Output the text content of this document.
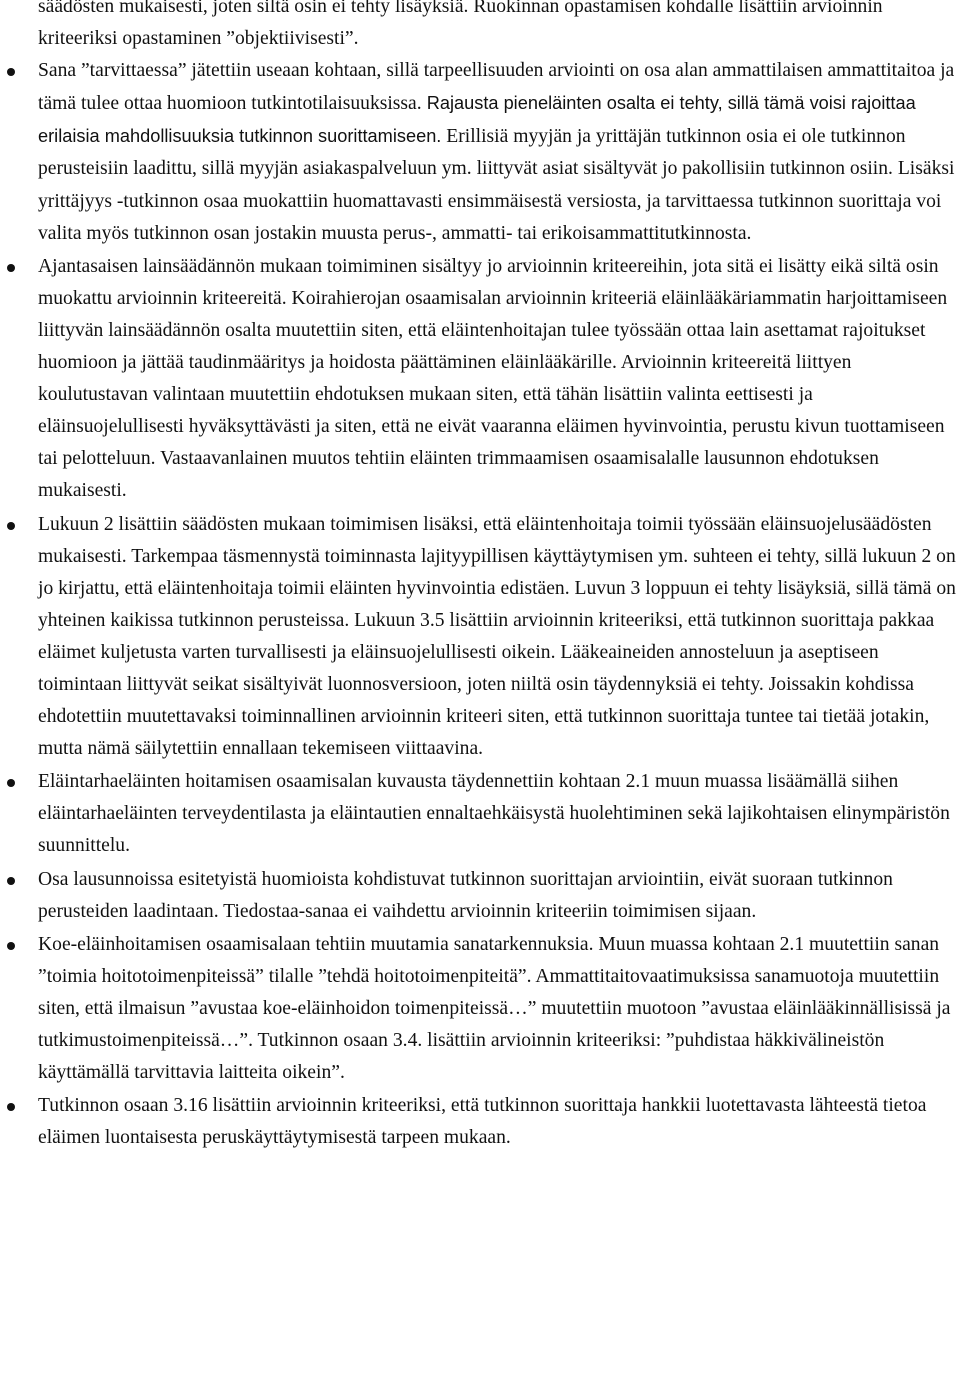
säädösten mukaisesti, joten siltä osin ei tehty lisäyksiä. Ruokinnan opastamisen kohdalle lisättiin arvioinnin kriteeriksi opastaminen ”objektiivisesti”.

Sana ”tarvittaessa” jätettiin useaan kohtaan, sillä tarpeellisuuden arviointi on osa alan ammattilaisen ammattitaitoa ja tämä tulee ottaa huomioon tutkintotilaisuuksissa. Rajausta pieneläinten osalta ei tehty, sillä tämä voisi rajoittaa erilaisia mahdollisuuksia tutkinnon suorittamiseen. Erillisiä myyjän ja yrittäjän tutkinnon osia ei ole tutkinnon perusteisiin laadittu, sillä myyjän asiakaspalveluun ym. liittyvät asiat sisältyvät jo pakollisiin tutkinnon osiin. Lisäksi yrittäjyys -tutkinnon osaa muokattiin huomattavasti ensimmäisestä versiosta, ja tarvittaessa tutkinnon suorittaja voi valita myös tutkinnon osan jostakin muusta perus-, ammatti- tai erikoisammattitutkinnosta.
Ajantasaisen lainsäädännön mukaan toimiminen sisältyy jo arvioinnin kriteereihin, jota sitä ei lisätty eikä siltä osin muokattu arvioinnin kriteereitä. Koirahierojan osaamisalan arvioinnin kriteeriä eläinlääkäriammatin harjoittamiseen liittyvän lainsäädännön osalta muutettiin siten, että eläintenhoitajan tulee työssään ottaa lain asettamat rajoitukset huomioon ja jättää taudinmääritys ja hoidosta päättäminen eläinlääkärille. Arvioinnin kriteereitä liittyen koulutustavan valintaan muutettiin ehdotuksen mukaan siten, että tähän lisättiin valinta eettisesti ja eläinsuojelullisesti hyväksyttävästi ja siten, että ne eivät vaaranna eläimen hyvinvointia, perustu kivun tuottamiseen tai pelotteluun. Vastaavanlainen muutos tehtiin eläinten trimmaamisen osaamisalalle lausunnon ehdotuksen mukaisesti.
Lukuun 2 lisättiin säädösten mukaan toimimisen lisäksi, että eläintenhoitaja toimii työssään eläinsuojelusäädösten mukaisesti. Tarkempaa täsmennystä toiminnasta lajityypillisen käyttäytymisen ym. suhteen ei tehty, sillä lukuun 2 on jo kirjattu, että eläintenhoitaja toimii eläinten hyvinvointia edistäen. Luvun 3 loppuun ei tehty lisäyksiä, sillä tämä on yhteinen kaikissa tutkinnon perusteissa. Lukuun 3.5 lisättiin arvioinnin kriteeriksi, että tutkinnon suorittaja pakkaa eläimet kuljetusta varten turvallisesti ja eläinsuojelullisesti oikein. Lääkeaineiden annosteluun ja aseptiseen toimintaan liittyvät seikat sisältyivät luonnosversioon, joten niiltä osin täydennyksiä ei tehty. Joissakin kohdissa ehdotettiin muutettavaksi toiminnallinen arvioinnin kriteeri siten, että tutkinnon suorittaja tuntee tai tietää jotakin, mutta nämä säilytettiin ennallaan tekemiseen viittaavina.
Eläintarhaeläinten hoitamisen osaamisalan kuvausta täydennettiin kohtaan 2.1 muun muassa lisäämällä siihen eläintarhaeläinten terveydentilasta ja eläintautien ennaltaehkäisystä huolehtiminen sekä lajikohtaisen elinympäristön suunnittelu.
Osa lausunnoissa esitetyistä huomioista kohdistuvat tutkinnon suorittajan arviointiin, eivät suoraan tutkinnon perusteiden laadintaan. Tiedostaa-sanaa ei vaihdettu arvioinnin kriteeriin toimimisen sijaan.
Koe-eläinhoitamisen osaamisalaan tehtiin muutamia sanatarkennuksia. Muun muassa kohtaan 2.1 muutettiin sanan ”toimia hoitotoimenpiteissä” tilalle ”tehdä hoitotoimenpiteitä”. Ammattitaitovaatimuksissa sanamuotoja muutettiin siten, että ilmaisun ”avustaa koe-eläinhoidon toimenpiteissä…” muutettiin muotoon ”avustaa eläinlääkinnällisissä ja tutkimustoimenpiteissä…”. Tutkinnon osaan 3.4. lisättiin arvioinnin kriteeriksi: ”puhdistaa häkkivälineistön käyttämällä tarvittavia laitteita oikein”.
Tutkinnon osaan 3.16 lisättiin arvioinnin kriteeriksi, että tutkinnon suorittaja hankkii luotettavasta lähteestä tietoa eläimen luontaisesta peruskäyttäytymisestä tarpeen mukaan.
